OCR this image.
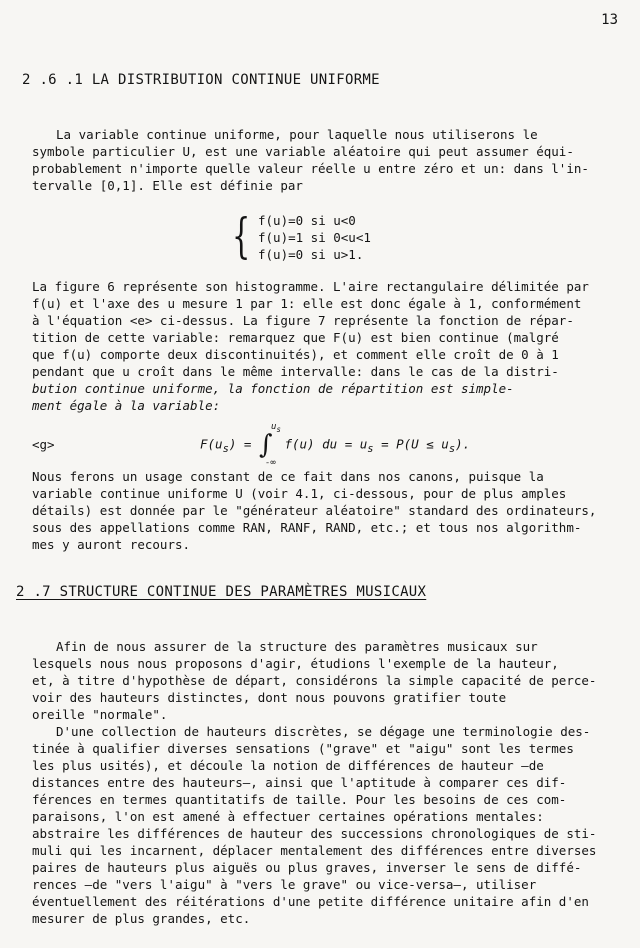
13
2 .6 .1 LA DISTRIBUTION CONTINUE UNIFORME
La variable continue uniforme, pour laquelle nous utiliserons le
symbole particulier U, est une variable aléatoire qui peut assumer équi-
probablement n'importe quelle valeur réelle u entre zéro et un: dans l'in-
tervalle [0,1]. Elle est définie par
{ f(u)=0 si u<0
f(u)=1 si 0<u<1
f(u)=0 si u>1.
La figure 6 représente son histogramme. L'aire rectangulaire délimitée par
f(u) et l'axe des u mesure 1 par 1: elle est donc égale à 1, conformément
à l'équation <e> ci-dessus. La figure 7 représente la fonction de répar-
tition de cette variable: remarquez que F(u) est bien continue (malgré
que f(u) comporte deux discontinuités), et comment elle croît de 0 à 1
pendant que u croît dans le même intervalle: dans le cas de la distri-
bution continue uniforme, la fonction de répartition est simple-
ment égale à la variable:
<g>	$F(u_s)$ = ∫
$u_s$
-∞
f(u) du = $u_s = P(U \le u_s)$.
Nous ferons un usage constant de ce fait dans nos canons, puisque la
variable continue uniforme U (voir 4.1, ci-dessous, pour de plus amples
détails) est donnée par le "générateur aléatoire" standard des ordinateurs,
sous des appellations comme RAN, RANF, RAND, etc.; et tous nos algorithm-
mes y auront recours.
2 .7 STRUCTURE CONTINUE DES PARAMÈTRES MUSICAUX
Afin de nous assurer de la structure des paramètres musicaux sur
lesquels nous nous proposons d'agir, étudions l'exemple de la hauteur,
et, à titre d'hypothèse de départ, considérons la simple capacité de perce-
voir des hauteurs distinctes, dont nous pouvons gratifier toute
oreille "normale".
D'une collection de hauteurs discrètes, se dégage une terminologie des-
tinée à qualifier diverses sensations ("grave" et "aigu" sont les termes
les plus usités), et découle la notion de différences de hauteur —de
distances entre des hauteurs—, ainsi que l'aptitude à comparer ces dif-
férences en termes quantitatifs de taille. Pour les besoins de ces com-
paraisons, l'on est amené à effectuer certaines opérations mentales:
abstraire les différences de hauteur des successions chronologiques de sti-
muli qui les incarnent, déplacer mentalement des différences entre diverses
paires de hauteurs plus aiguës ou plus graves, inverser le sens de diffé-
rences —de "vers l'aigu" à "vers le grave" ou vice-versa—, utiliser
éventuellement des réitérations d'une petite différence unitaire afin d'en
mesurer de plus grandes, etc.
